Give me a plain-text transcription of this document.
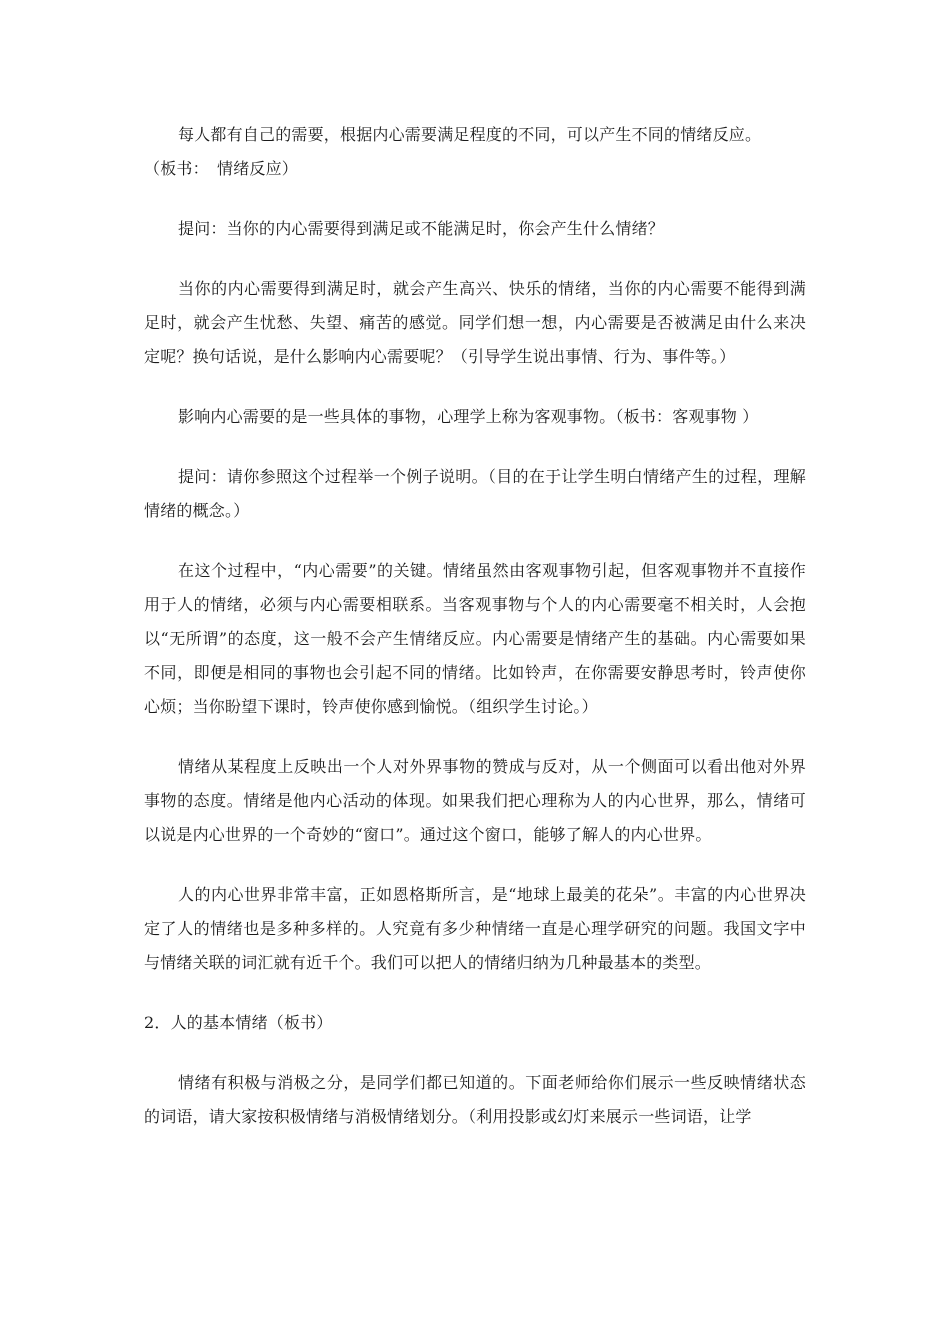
每人都有自己的需要，根据内心需要满足程度的不同，可以产生不同的情绪反应。

（板书：　情绪反应）

提问：当你的内心需要得到满足或不能满足时，你会产生什么情绪？

当你的内心需要得到满足时，就会产生高兴、快乐的情绪，当你的内心需要不能得到满足时，就会产生忧愁、失望、痛苦的感觉。同学们想一想，内心需要是否被满足由什么来决定呢？换句话说，是什么影响内心需要呢？（引导学生说出事情、行为、事件等。）

影响内心需要的是一些具体的事物，心理学上称为客观事物。（板书：客观事物 ）

提问：请你参照这个过程举一个例子说明。（目的在于让学生明白情绪产生的过程，理解情绪的概念。）

在这个过程中，“内心需要”的关键。情绪虽然由客观事物引起，但客观事物并不直接作用于人的情绪，必须与内心需要相联系。当客观事物与个人的内心需要毫不相关时，人会抱以“无所谓”的态度，这一般不会产生情绪反应。内心需要是情绪产生的基础。内心需要如果不同，即便是相同的事物也会引起不同的情绪。比如铃声，在你需要安静思考时，铃声使你心烦；当你盼望下课时，铃声使你感到愉悦。（组织学生讨论。）

情绪从某程度上反映出一个人对外界事物的赞成与反对，从一个侧面可以看出他对外界事物的态度。情绪是他内心活动的体现。如果我们把心理称为人的内心世界，那么，情绪可以说是内心世界的一个奇妙的“窗口”。通过这个窗口，能够了解人的内心世界。

人的内心世界非常丰富，正如恩格斯所言，是“地球上最美的花朵”。丰富的内心世界决定了人的情绪也是多种多样的。人究竟有多少种情绪一直是心理学研究的问题。我国文字中与情绪关联的词汇就有近千个。我们可以把人的情绪归纳为几种最基本的类型。

2．人的基本情绪（板书）

情绪有积极与消极之分，是同学们都已知道的。下面老师给你们展示一些反映情绪状态的词语，请大家按积极情绪与消极情绪划分。（利用投影或幻灯来展示一些词语，让学
